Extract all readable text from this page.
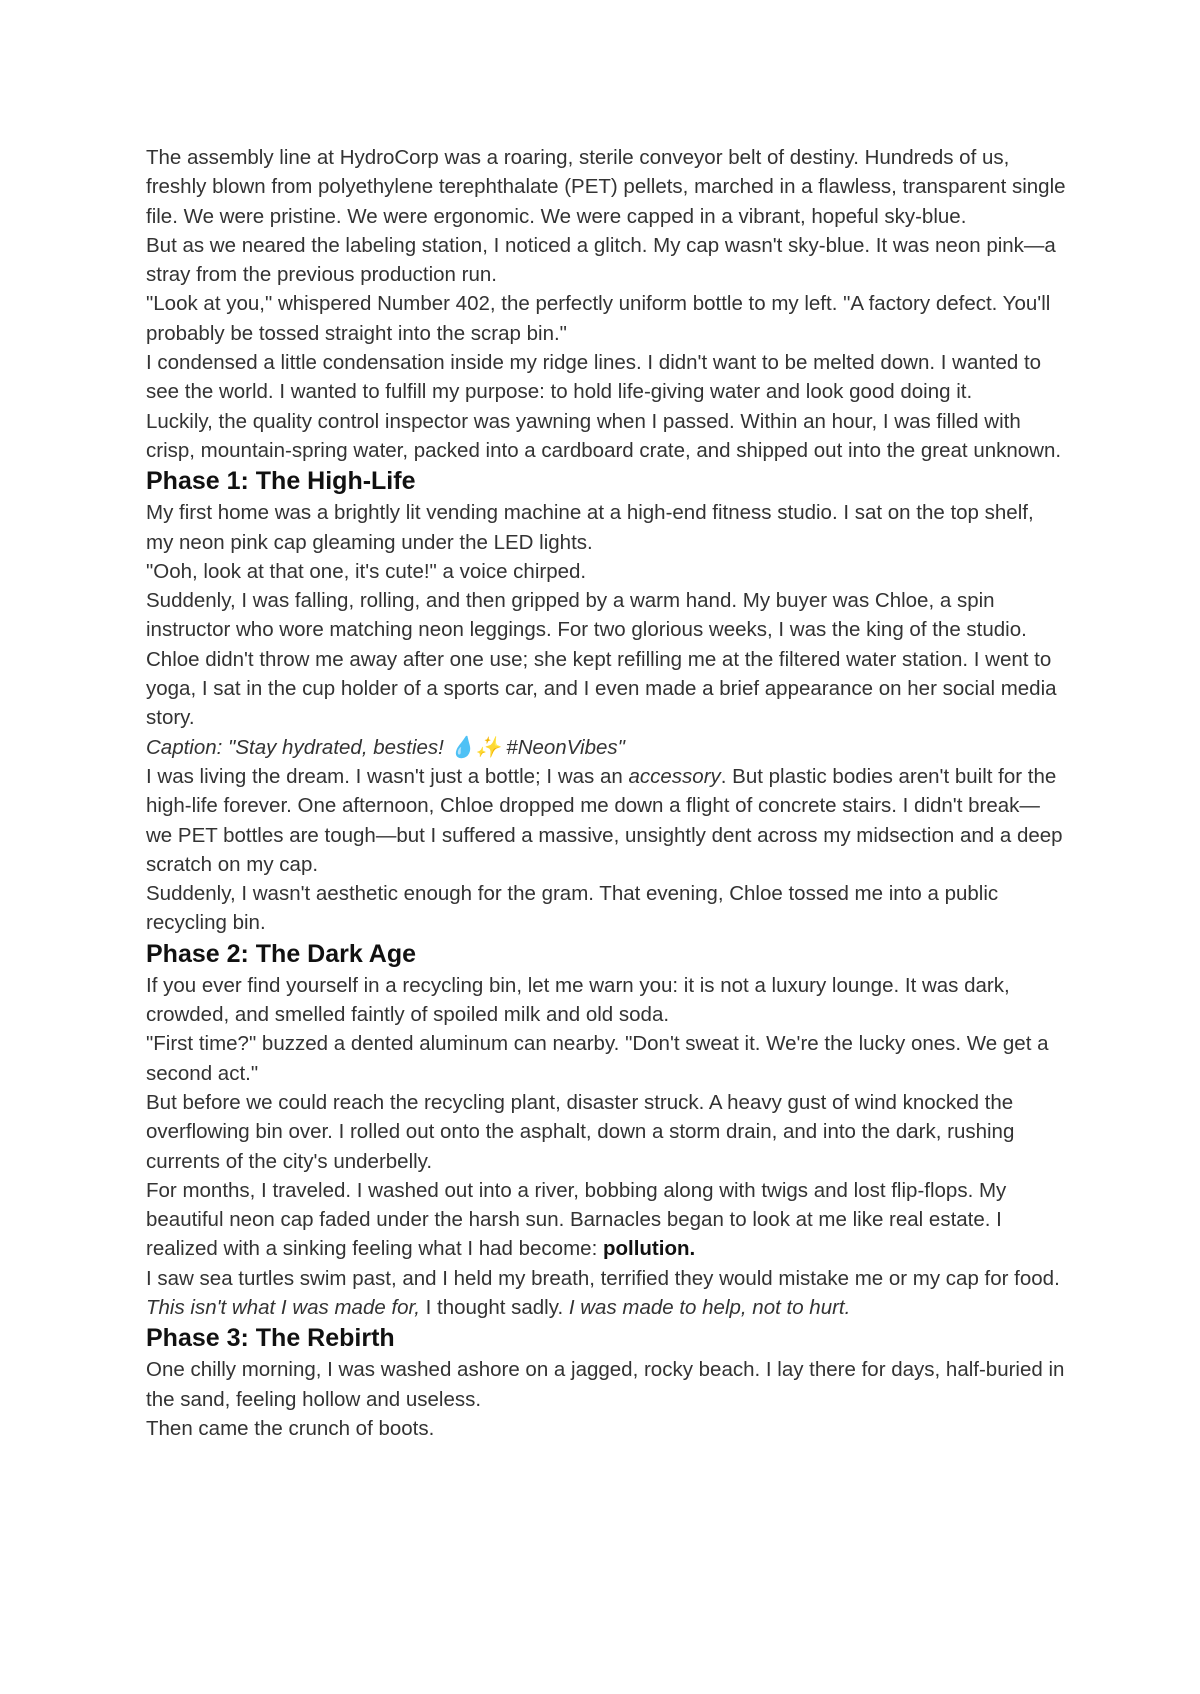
The assembly line at HydroCorp was a roaring, sterile conveyor belt of destiny. Hundreds of us, freshly blown from polyethylene terephthalate (PET) pellets, marched in a flawless, transparent single file. We were pristine. We were ergonomic. We were capped in a vibrant, hopeful sky-blue.

But as we neared the labeling station, I noticed a glitch. My cap wasn't sky-blue. It was neon pink—a stray from the previous production run.

"Look at you," whispered Number 402, the perfectly uniform bottle to my left. "A factory defect. You'll probably be tossed straight into the scrap bin."

I condensed a little condensation inside my ridge lines. I didn't want to be melted down. I wanted to see the world. I wanted to fulfill my purpose: to hold life-giving water and look good doing it.

Luckily, the quality control inspector was yawning when I passed. Within an hour, I was filled with crisp, mountain-spring water, packed into a cardboard crate, and shipped out into the great unknown.

Phase 1: The High-Life

My first home was a brightly lit vending machine at a high-end fitness studio. I sat on the top shelf, my neon pink cap gleaming under the LED lights.

"Ooh, look at that one, it's cute!" a voice chirped.

Suddenly, I was falling, rolling, and then gripped by a warm hand. My buyer was Chloe, a spin instructor who wore matching neon leggings. For two glorious weeks, I was the king of the studio. Chloe didn't throw me away after one use; she kept refilling me at the filtered water station. I went to yoga, I sat in the cup holder of a sports car, and I even made a brief appearance on her social media story.

Caption: "Stay hydrated, besties! 💧✨ #NeonVibes"

I was living the dream. I wasn't just a bottle; I was an accessory. But plastic bodies aren't built for the high-life forever. One afternoon, Chloe dropped me down a flight of concrete stairs. I didn't break—we PET bottles are tough—but I suffered a massive, unsightly dent across my midsection and a deep scratch on my cap.

Suddenly, I wasn't aesthetic enough for the gram. That evening, Chloe tossed me into a public recycling bin.

Phase 2: The Dark Age

If you ever find yourself in a recycling bin, let me warn you: it is not a luxury lounge. It was dark, crowded, and smelled faintly of spoiled milk and old soda.

"First time?" buzzed a dented aluminum can nearby. "Don't sweat it. We're the lucky ones. We get a second act."

But before we could reach the recycling plant, disaster struck. A heavy gust of wind knocked the overflowing bin over. I rolled out onto the asphalt, down a storm drain, and into the dark, rushing currents of the city's underbelly.

For months, I traveled. I washed out into a river, bobbing along with twigs and lost flip-flops. My beautiful neon cap faded under the harsh sun. Barnacles began to look at me like real estate. I realized with a sinking feeling what I had become: pollution.

I saw sea turtles swim past, and I held my breath, terrified they would mistake me or my cap for food. This isn't what I was made for, I thought sadly. I was made to help, not to hurt.

Phase 3: The Rebirth

One chilly morning, I was washed ashore on a jagged, rocky beach. I lay there for days, half-buried in the sand, feeling hollow and useless.

Then came the crunch of boots.
